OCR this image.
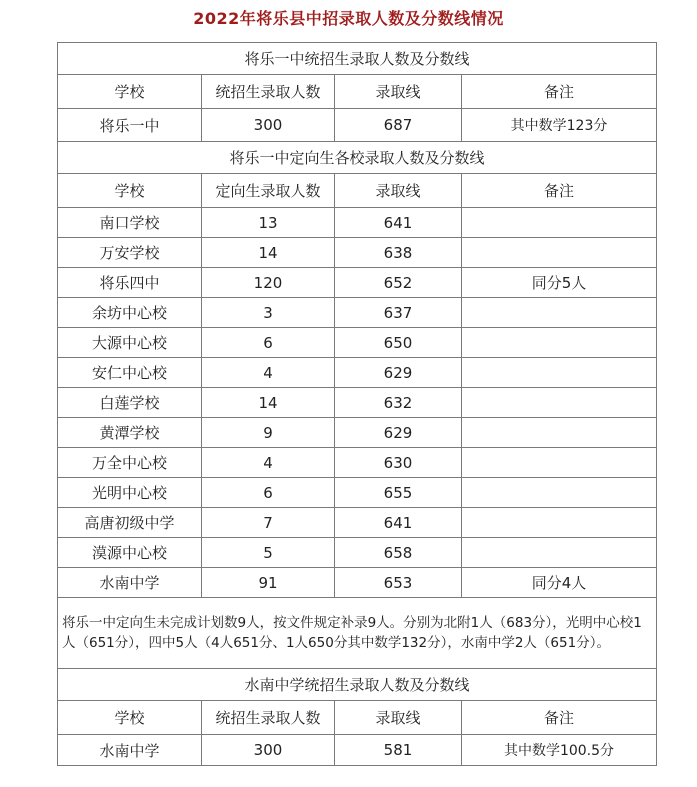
2022年将乐县中招录取人数及分数线情况
将乐一中统招生录取人数及分数线			
学校	统招生录取人数	录取线	备注
将乐一中	300	687	其中数学123分
将乐一中定向生各校录取人数及分数线			
学校	定向生录取人数	录取线	备注
南口学校	13	641	
万安学校	14	638	
将乐四中	120	652	同分5人
余坊中心校	3	637	
大源中心校	6	650	
安仁中心校	4	629	
白莲学校	14	632	
黄潭学校	9	629	
万全中心校	4	630	
光明中心校	6	655	
高唐初级中学	7	641	
漠源中心校	5	658	
水南中学	91	653	同分4人
将乐一中定向生未完成计划数9人，按文件规定补录9人。分别为北附1人（683分），光明中心校1人（651分），四中5人（4人651分、1人650分其中数学132分），水南中学2人（651分）。			
水南中学统招生录取人数及分数线			
学校	统招生录取人数	录取线	备注
水南中学	300	581	其中数学100.5分
